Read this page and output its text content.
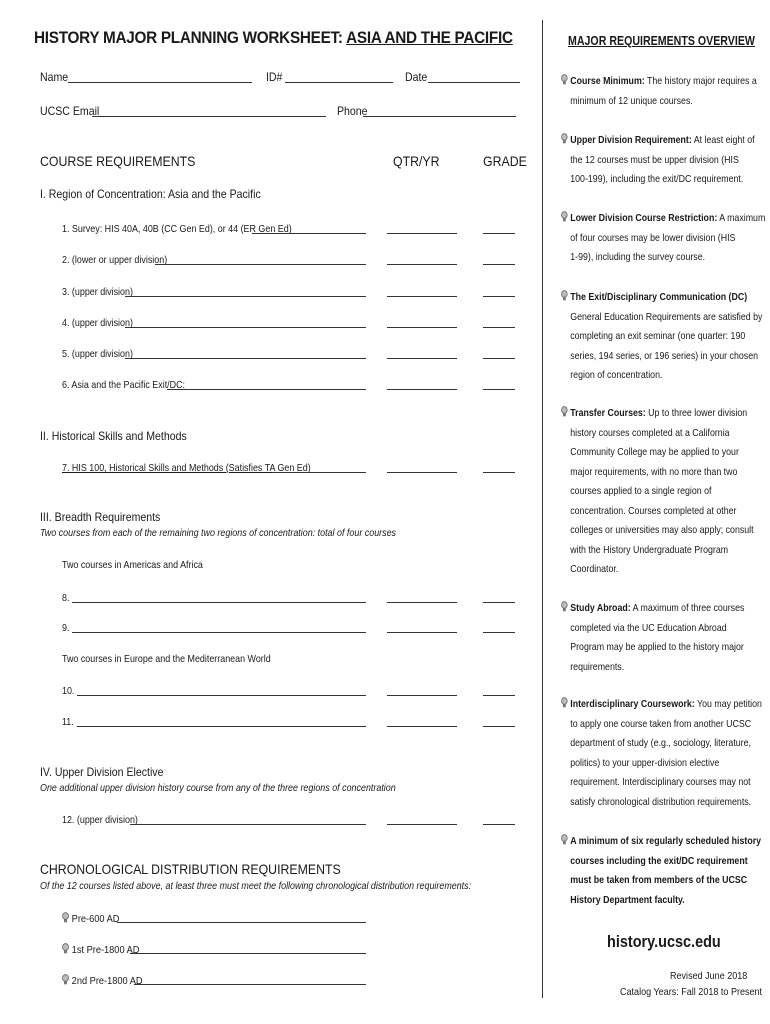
HISTORY MAJOR PLANNING WORKSHEET: ASIA AND THE PACIFIC
Name	ID#	Date
UCSC Email	Phone
COURSE REQUIREMENTS	QTR/YR	GRADE
I. Region of Concentration: Asia and the Pacific
1. Survey: HIS 40A, 40B (CC Gen Ed), or 44 (ER Gen Ed)
2. (lower or upper division)
3. (upper division)
4. (upper division)
5. (upper division)
6. Asia and the Pacific Exit/DC:
II. Historical Skills and Methods
7. HIS 100, Historical Skills and Methods (Satisfies TA Gen Ed)
III. Breadth Requirements
Two courses from each of the remaining two regions of concentration: total of four courses
Two courses in Americas and Africa
8.
9.
Two courses in Europe and the Mediterranean World
10.
11.
IV. Upper Division Elective
One additional upper division history course from any of the three regions of concentration
12. (upper division)
CHRONOLOGICAL DISTRIBUTION REQUIREMENTS
Of the 12 courses listed above, at least three must meet the following chronological distribution requirements:
Pre-600 AD
1st Pre-1800 AD
2nd Pre-1800 AD
MAJOR REQUIREMENTS OVERVIEW
Course Minimum: The history major requires a
minimum of 12 unique courses.
Upper Division Requirement: At least eight of
the 12 courses must be upper division (HIS
100-199), including the exit/DC requirement.
Lower Division Course Restriction: A maximum
of four courses may be lower division (HIS
1-99), including the survey course.
The Exit/Disciplinary Communication (DC)
General Education Requirements are satisfied by
completing an exit seminar (one quarter: 190
series, 194 series, or 196 series) in your chosen
region of concentration.
Transfer Courses: Up to three lower division
history courses completed at a California
Community College may be applied to your
major requirements, with no more than two
courses applied to a single region of
concentration. Courses completed at other
colleges or universities may also apply; consult
with the History Undergraduate Program
Coordinator.
Study Abroad: A maximum of three courses
completed via the UC Education Abroad
Program may be applied to the history major
requirements.
Interdisciplinary Coursework: You may petition
to apply one course taken from another UCSC
department of study (e.g., sociology, literature,
politics) to your upper-division elective
requirement. Interdisciplinary courses may not
satisfy chronological distribution requirements.
A minimum of six regularly scheduled history
courses including the exit/DC requirement
must be taken from members of the UCSC
History Department faculty.
history.ucsc.edu
Revised June 2018
Catalog Years: Fall 2018 to Present
